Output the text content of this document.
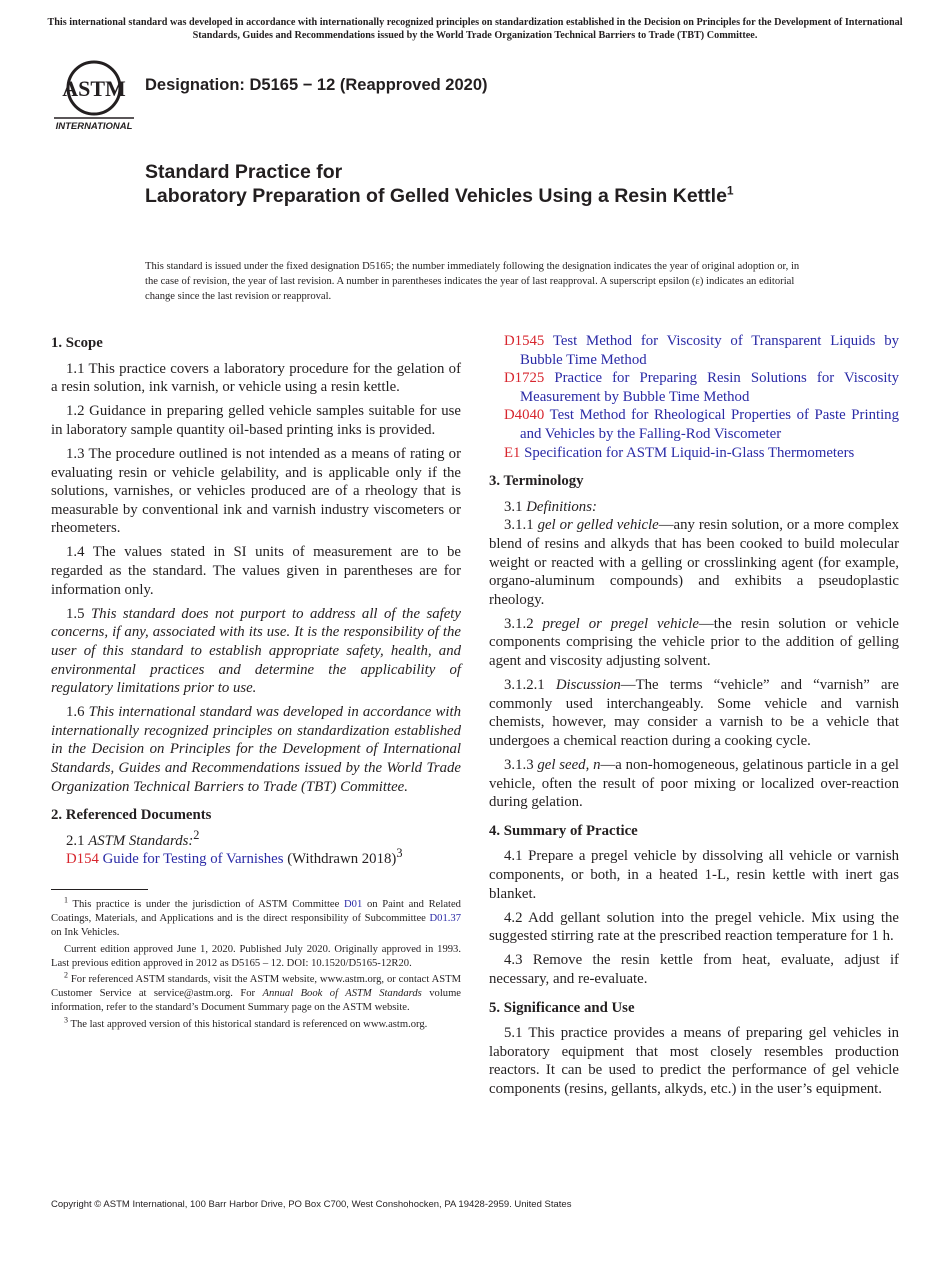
This international standard was developed in accordance with internationally recognized principles on standardization established in the Decision on Principles for the Development of International Standards, Guides and Recommendations issued by the World Trade Organization Technical Barriers to Trade (TBT) Committee.
ASTM
INTERNATIONAL
Designation: D5165 − 12 (Reapproved 2020)
Standard Practice for
Laboratory Preparation of Gelled Vehicles Using a Resin Kettle$^1$
This standard is issued under the fixed designation D5165; the number immediately following the designation indicates the year of original adoption or, in the case of revision, the year of last revision. A number in parentheses indicates the year of last reapproval. A superscript epsilon (ε) indicates an editorial change since the last revision or reapproval.
1. Scope

1.1 This practice covers a laboratory procedure for the gelation of a resin solution, ink varnish, or vehicle using a resin kettle.

1.2 Guidance in preparing gelled vehicle samples suitable for use in laboratory sample quantity oil-based printing inks is provided.

1.3 The procedure outlined is not intended as a means of rating or evaluating resin or vehicle gelability, and is applicable only if the solutions, varnishes, or vehicles produced are of a rheology that is measurable by conventional ink and varnish industry viscometers or rheometers.

1.4 The values stated in SI units of measurement are to be regarded as the standard. The values given in parentheses are for information only.

1.5 This standard does not purport to address all of the safety concerns, if any, associated with its use. It is the responsibility of the user of this standard to establish appropriate safety, health, and environmental practices and determine the applicability of regulatory limitations prior to use.

1.6 This international standard was developed in accordance with internationally recognized principles on standardization established in the Decision on Principles for the Development of International Standards, Guides and Recommendations issued by the World Trade Organization Technical Barriers to Trade (TBT) Committee.

2. Referenced Documents

2.1 ASTM Standards:$^2$

D154 Guide for Testing of Varnishes (Withdrawn 2018)$^3$
$^1$ This practice is under the jurisdiction of ASTM Committee D01 on Paint and Related Coatings, Materials, and Applications and is the direct responsibility of Subcommittee D01.37 on Ink Vehicles.
Current edition approved June 1, 2020. Published July 2020. Originally approved in 1993. Last previous edition approved in 2012 as D5165 – 12. DOI: 10.1520/D5165-12R20.
$^2$ For referenced ASTM standards, visit the ASTM website, www.astm.org, or contact ASTM Customer Service at service@astm.org. For Annual Book of ASTM Standards volume information, refer to the standard’s Document Summary page on the ASTM website.
$^3$ The last approved version of this historical standard is referenced on www.astm.org.
D1545 Test Method for Viscosity of Transparent Liquids by Bubble Time Method
D1725 Practice for Preparing Resin Solutions for Viscosity Measurement by Bubble Time Method
D4040 Test Method for Rheological Properties of Paste Printing and Vehicles by the Falling-Rod Viscometer
E1 Specification for ASTM Liquid-in-Glass Thermometers
3. Terminology

3.1 Definitions:

3.1.1 gel or gelled vehicle—any resin solution, or a more complex blend of resins and alkyds that has been cooked to build molecular weight or reacted with a gelling or crosslinking agent (for example, organo-aluminum compounds) and exhibits a pseudoplastic rheology.

3.1.2 pregel or pregel vehicle—the resin solution or vehicle components comprising the vehicle prior to the addition of gelling agent and viscosity adjusting solvent.

3.1.2.1 Discussion—The terms “vehicle” and “varnish” are commonly used interchangeably. Some vehicle and varnish chemists, however, may consider a varnish to be a vehicle that undergoes a chemical reaction during a cooking cycle.

3.1.3 gel seed, n—a non-homogeneous, gelatinous particle in a gel vehicle, often the result of poor mixing or localized over-reaction during gelation.

4. Summary of Practice

4.1 Prepare a pregel vehicle by dissolving all vehicle or varnish components, or both, in a heated 1-L, resin kettle with inert gas blanket.

4.2 Add gellant solution into the pregel vehicle. Mix using the suggested stirring rate at the prescribed reaction temperature for 1 h.

4.3 Remove the resin kettle from heat, evaluate, adjust if necessary, and re-evaluate.

5. Significance and Use

5.1 This practice provides a means of preparing gel vehicles in laboratory equipment that most closely resembles production reactors. It can be used to predict the performance of gel vehicle components (resins, gellants, alkyds, etc.) in the user’s equipment.

Copyright © ASTM International, 100 Barr Harbor Drive, PO Box C700, West Conshohocken, PA 19428-2959. United States
